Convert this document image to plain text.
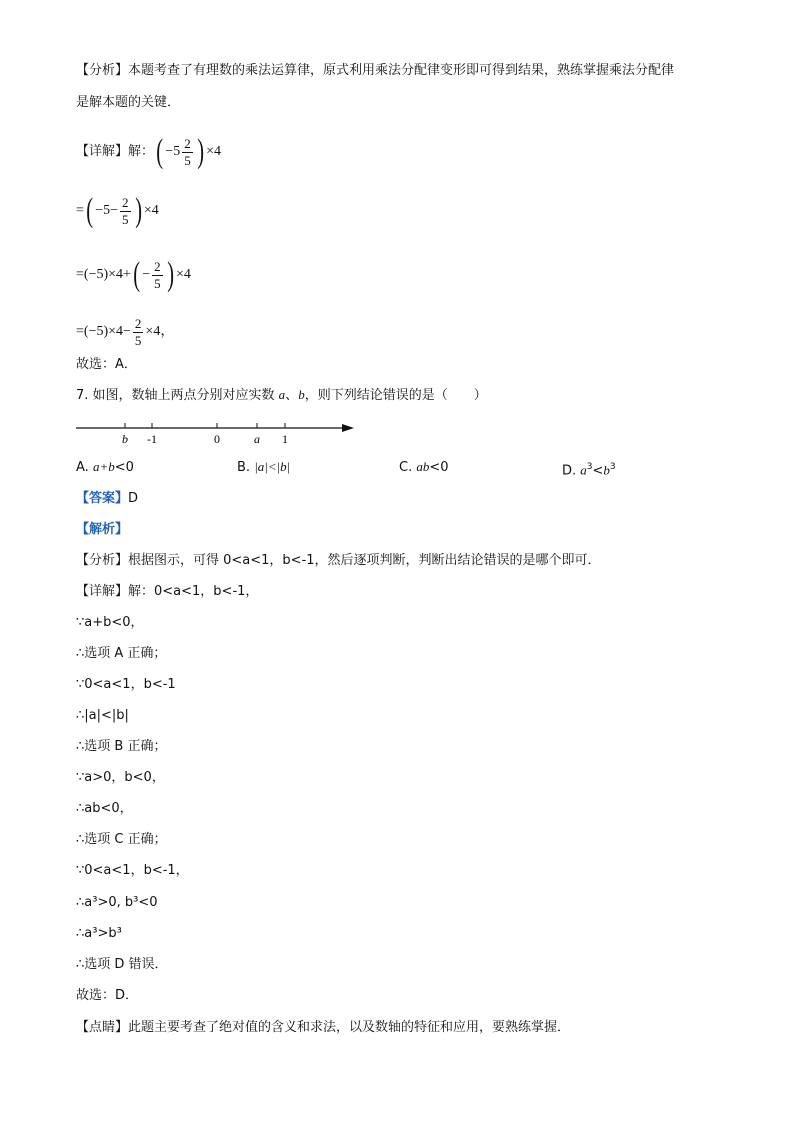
【分析】本题考查了有理数的乘法运算律，原式利用乘法分配律变形即可得到结果，熟练掌握乘法分配律
是解本题的关键．
【详解】解： ( $-5 \frac{2}{5}$ ) ×4
= ( $-5- \frac{2}{5}$ ) ×4
= (−5)×4+ ( − $\frac{2}{5}$ ) ×4
= $(-5)\times 4- \frac{2}{5} \times 4$，
故选：A．
7. 如图，数轴上两点分别对应实数 a、b，则下列结论错误的是（　　）
b -1	0	a 1
A. a+b<0	B. |a|<|b|	C. ab<0	D. $a^3<b^3$
【答案】D
【解析】
【分析】根据图示，可得 0<a<1，b<-1，然后逐项判断，判断出结论错误的是哪个即可．
【详解】解：0<a<1，b<-1，
∵a+b<0，
∴选项 A 正确；
∵0<a<1，b<-1
∴|a|<|b|
∴选项 B 正确；
∵a>0，b<0，
∴ab<0，
∴选项 C 正确；
∵0<a<1，b<-1，
∴a³>0, b³<0
∴a³>b³
∴选项 D 错误．
故选：D．
【点睛】此题主要考查了绝对值的含义和求法，以及数轴的特征和应用，要熟练掌握．
